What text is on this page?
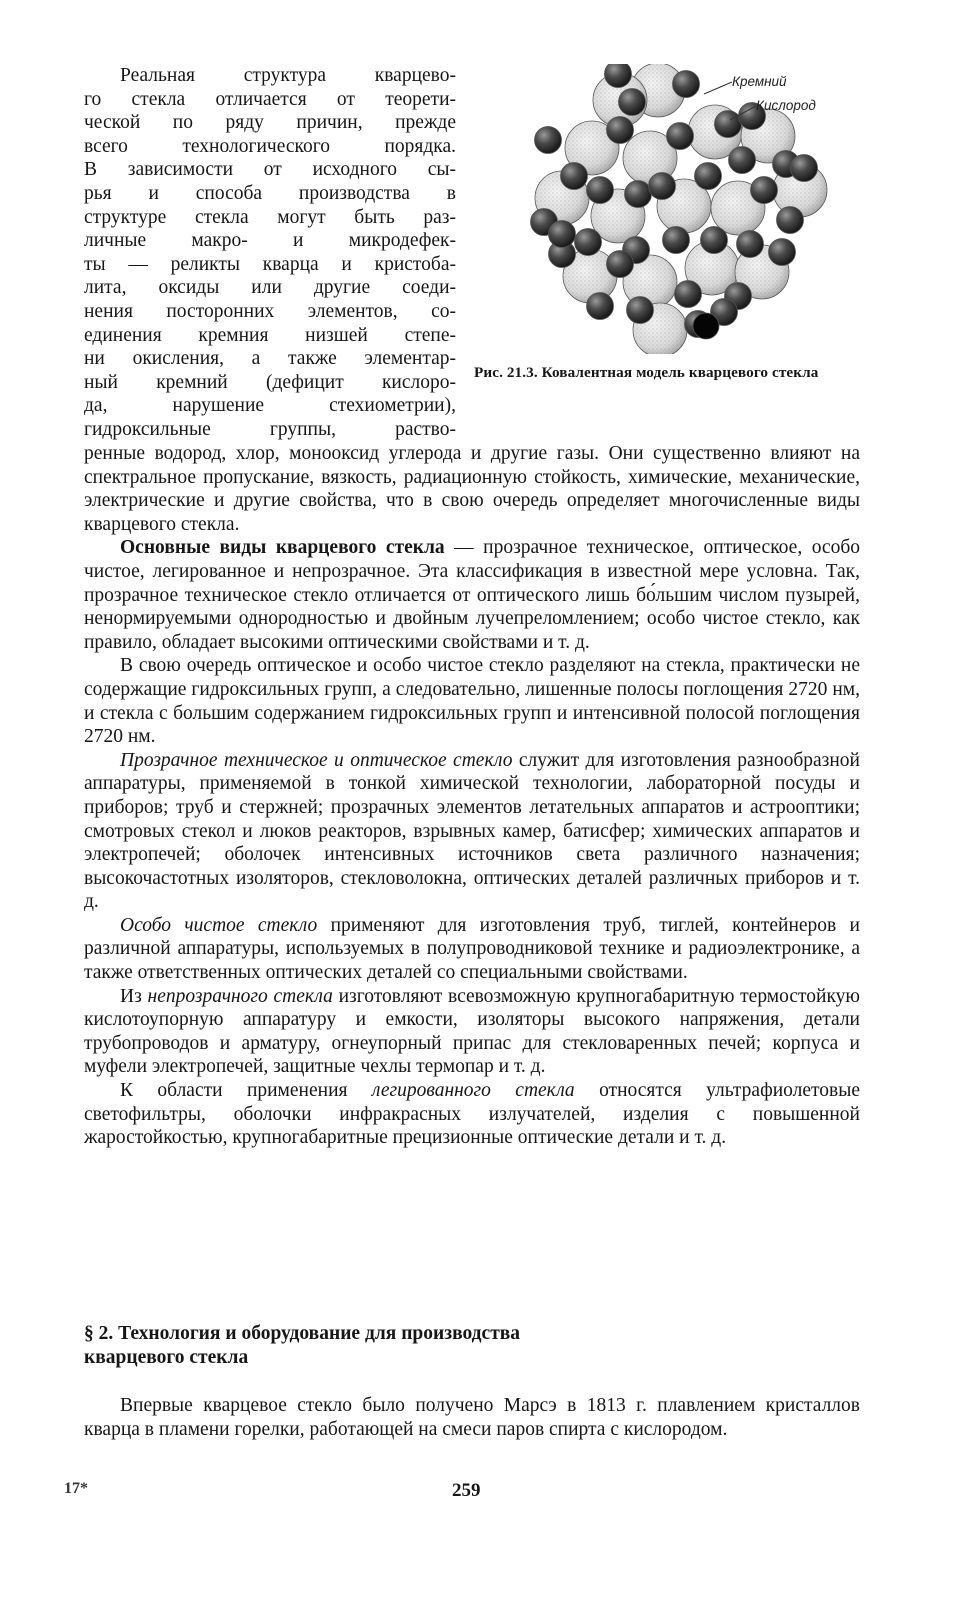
Реальная структура кварцево-
го стекла отличается от теорети-
ческой по ряду причин, прежде
всего технологического порядка.
В зависимости от исходного сы-
рья и способа производства в
структуре стекла могут быть раз-
личные макро- и микродефек-
ты — реликты кварца и кристоба-
лита, оксиды или другие соеди-
нения посторонних элементов, со-
единения кремния низшей степе-
ни окисления, а также элементар-
ный кремний (дефицит кислоро-
да, нарушение стехиометрии),
гидроксильные группы, раство-
Кремний
Кислород
Рис. 21.3. Ковалентная модель кварцевого стекла

ренные водород, хлор, монооксид углерода и другие газы. Они существенно влияют на спектральное пропускание, вязкость, радиационную стойкость, химические, механические, электрические и другие свойства, что в свою очередь определяет многочисленные виды кварцевого стекла.

Основные виды кварцевого стекла — прозрачное техническое, оптическое, особо чистое, легированное и непрозрачное. Эта классификация в известной мере условна. Так, прозрачное техническое стекло отличается от оптического лишь бо́льшим числом пузырей, ненормируемыми однородностью и двойным лучепреломлением; особо чистое стекло, как правило, обладает высокими оптическими свойствами и т. д.

В свою очередь оптическое и особо чистое стекло разделяют на стекла, практически не содержащие гидроксильных групп, а следовательно, лишенные полосы поглощения 2720 нм, и стекла с большим содержанием гидроксильных групп и интенсивной полосой поглощения 2720 нм.

Прозрачное техническое и оптическое стекло служит для изготовления разнообразной аппаратуры, применяемой в тонкой химической технологии, лабораторной посуды и приборов; труб и стержней; прозрачных элементов летательных аппаратов и астрооптики; смотровых стекол и люков реакторов, взрывных камер, батисфер; химических аппаратов и электропечей; оболочек интенсивных источников света различного назначения; высокочастотных изоляторов, стекловолокна, оптических деталей различных приборов и т. д.

Особо чистое стекло применяют для изготовления труб, тиглей, контейнеров и различной аппаратуры, используемых в полупроводниковой технике и радиоэлектронике, а также ответственных оптических деталей со специальными свойствами.

Из непрозрачного стекла изготовляют всевозможную крупногабаритную термостойкую кислотоупорную аппаратуру и емкости, изоляторы высокого напряжения, детали трубопроводов и арматуру, огнеупорный припас для стекловаренных печей; корпуса и муфели электропечей, защитные чехлы термопар и т. д.

К области применения легированного стекла относятся ультрафиолетовые светофильтры, оболочки инфракрасных излучателей, изделия с повышенной жаростойкостью, крупногабаритные прецизионные оптические детали и т. д.

§ 2. Технология и оборудование для производства
кварцевого стекла

Впервые кварцевое стекло было получено Марсэ в 1813 г. плавлением кристаллов кварца в пламени горелки, работающей на смеси паров спирта с кислородом.

17*	259
